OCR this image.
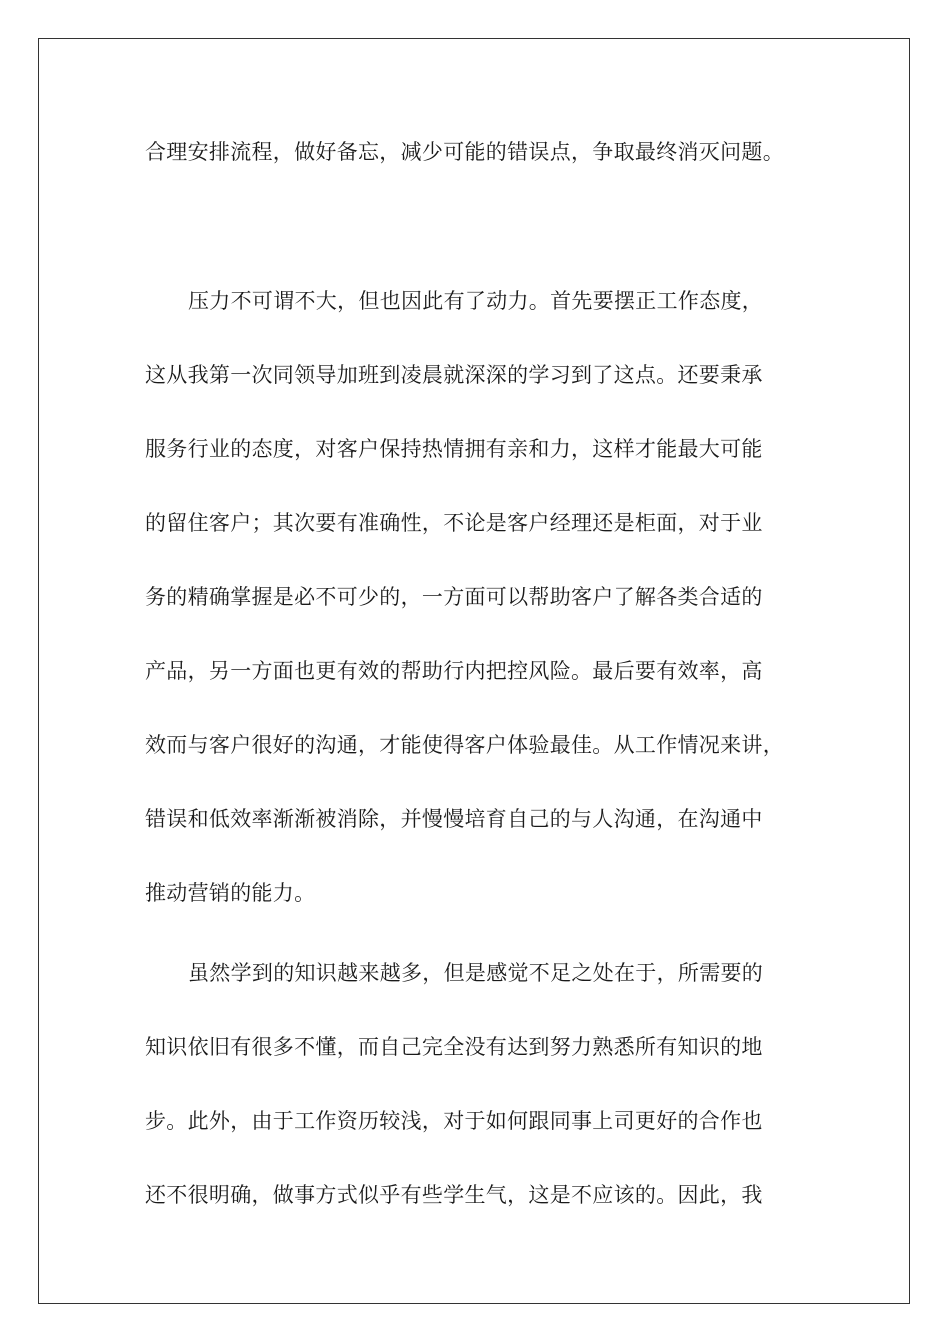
合理安排流程，做好备忘，减少可能的错误点，争取最终消灭问题。
压力不可谓不大，但也因此有了动力。首先要摆正工作态度，
这从我第一次同领导加班到凌晨就深深的学习到了这点。还要秉承
服务行业的态度，对客户保持热情拥有亲和力，这样才能最大可能
的留住客户；其次要有准确性，不论是客户经理还是柜面，对于业
务的精确掌握是必不可少的，一方面可以帮助客户了解各类合适的
产品，另一方面也更有效的帮助行内把控风险。最后要有效率，高
效而与客户很好的沟通，才能使得客户体验最佳。从工作情况来讲，
错误和低效率渐渐被消除，并慢慢培育自己的与人沟通，在沟通中
推动营销的能力。
虽然学到的知识越来越多，但是感觉不足之处在于，所需要的
知识依旧有很多不懂，而自己完全没有达到努力熟悉所有知识的地
步。此外，由于工作资历较浅，对于如何跟同事上司更好的合作也
还不很明确，做事方式似乎有些学生气，这是不应该的。因此，我
